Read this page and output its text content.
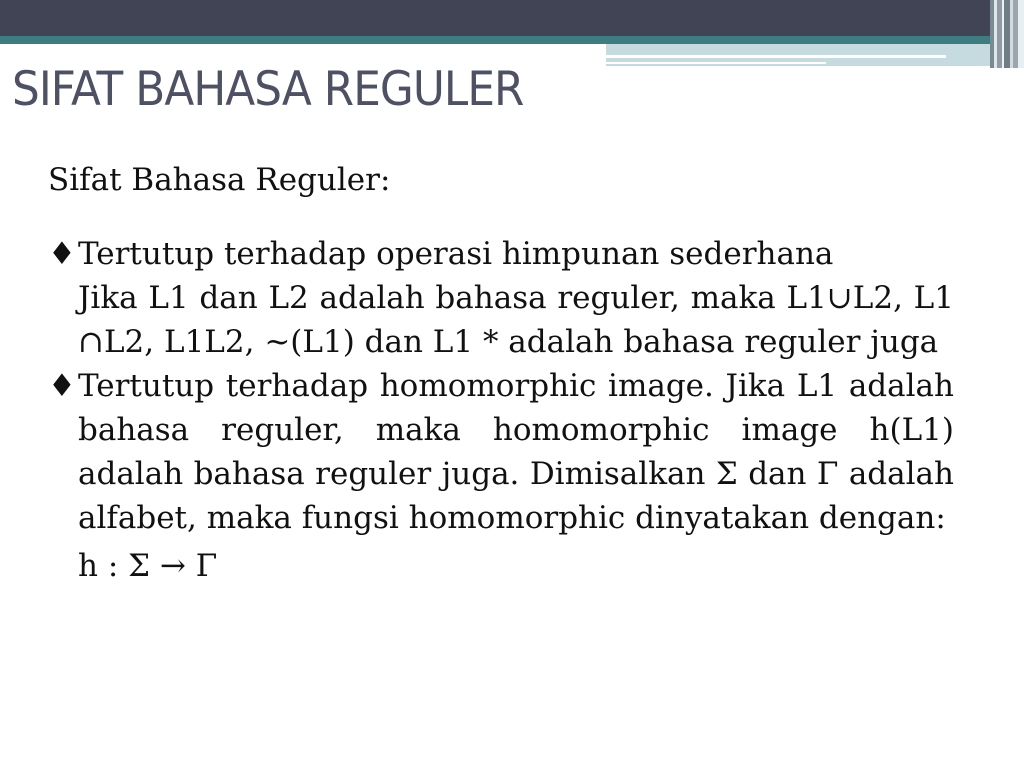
SIFAT BAHASA REGULER

Sifat Bahasa Reguler:

♦ Tertutup terhadap operasi himpunan sederhana
Jika L1 dan L2 adalah bahasa reguler, maka L1∪L2, L1 ∩L2, L1L2, ~(L1) dan L1 * adalah bahasa reguler juga

♦ Tertutup terhadap homomorphic image. Jika L1 adalah bahasa reguler, maka homomorphic image h(L1) adalah bahasa reguler juga. Dimisalkan Σ dan Γ adalah alfabet, maka fungsi homomorphic dinyatakan dengan:

h : Σ → Γ
